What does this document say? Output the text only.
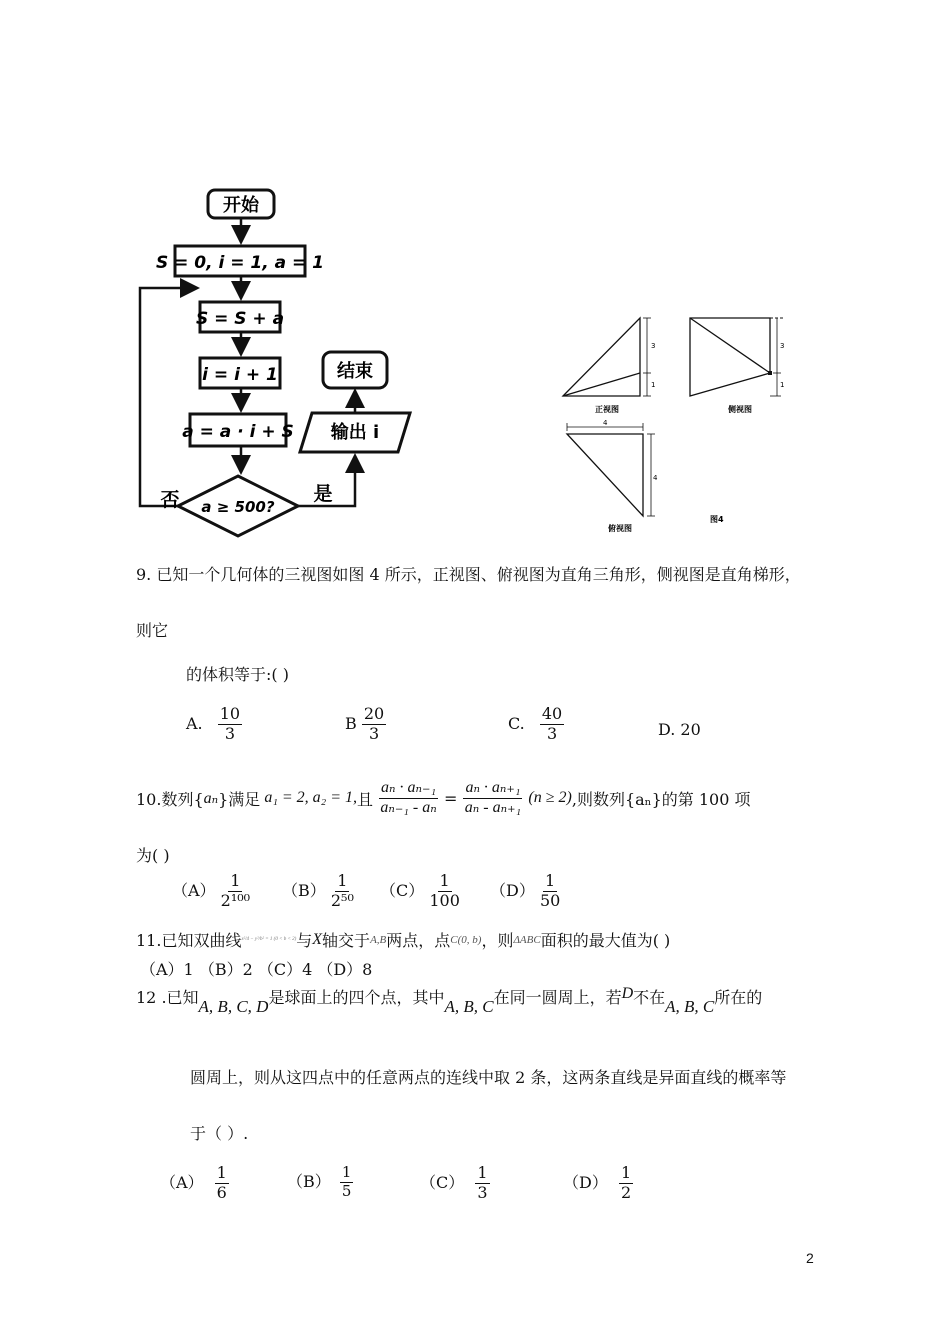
开始
S = 0, i = 1, a = 1
S = S + a
i = i + 1
a = a · i + S
a ≥ 500?
否	是
输出 i
结束
3
1
正视图
3
1
侧视图
4
4
俯视图
图4
9. 已知一个几何体的三视图如图 4 所示，正视图、俯视图为直角三角形，侧视图是直角梯形，
则它
的体积等于:( )
A. $\frac{10}{3}$	B $\frac{20}{3}$	C. $\frac{40}{3}$	D. 20
10.数列{ aₙ }满足 a₁ = 2, a₂ = 1, 且 $\frac{\text{aₙ · aₙ₋₁}}{\text{aₙ₋₁ - aₙ}} = \frac{\text{aₙ · aₙ₊₁}}{\text{aₙ - aₙ₊₁}} (n \ge 2)$ ,则数列{aₙ}的第 100 项
为( )
$(A) \frac{1}{\text{2¹⁰⁰}} (B) \frac{1}{\text{2⁵⁰}} (C) \frac{1}{100} (D) \frac{1}{50}$
11.已知双曲线 x²/4 − y²/b² = 1 (0 < b < 2) 与 X 轴交于 A,B 两点，点 C(0, b) ，则 ΔABC 面积的最大值为( )
（A）1 （B）2 （C）4 （D）8
12 .已知 A, B, C, D 是球面上的四个点，其中 A, B, C 在同一圆周上，若 D 不在 A, B, C 所在的
圆周上，则从这四点中的任意两点的连线中取 2 条，这两条直线是异面直线的概率等
于（ ）.
$(A) \frac{1}{6}$	$(B) \frac{1}{5}$	$(C) \frac{1}{3}$	$(D) \frac{1}{2}$
2
